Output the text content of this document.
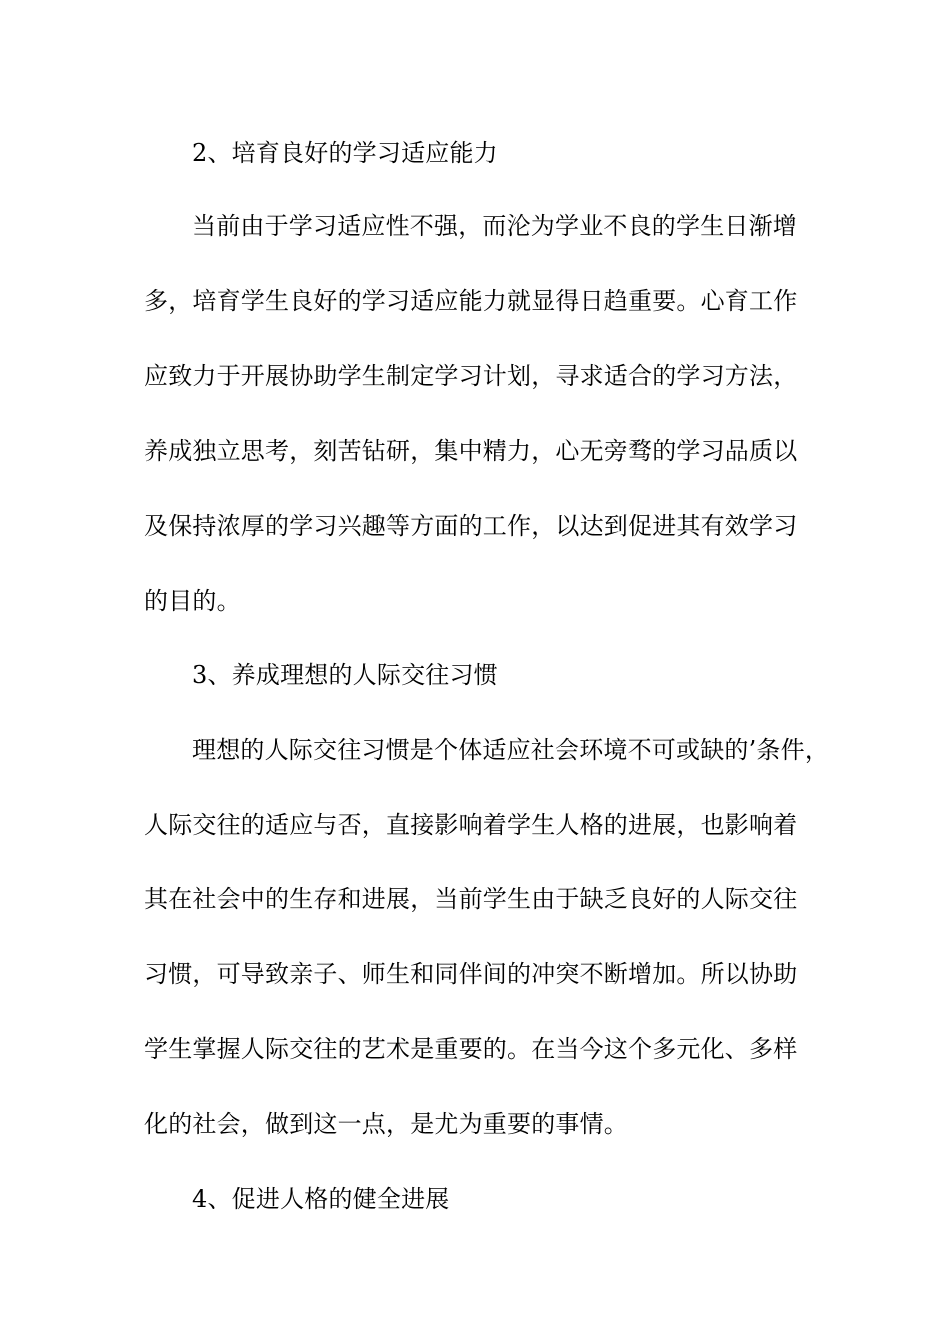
2、培育良好的学习适应能力
当前由于学习适应性不强，而沦为学业不良的学生日渐增
多，培育学生良好的学习适应能力就显得日趋重要。心育工作
应致力于开展协助学生制定学习计划，寻求适合的学习方法，
养成独立思考，刻苦钻研，集中精力，心无旁骛的学习品质以
及保持浓厚的学习兴趣等方面的工作，以达到促进其有效学习
的目的。
3、养成理想的人际交往习惯
理想的人际交往习惯是个体适应社会环境不可或缺的’条件，
人际交往的适应与否，直接影响着学生人格的进展，也影响着
其在社会中的生存和进展，当前学生由于缺乏良好的人际交往
习惯，可导致亲子、师生和同伴间的冲突不断增加。所以协助
学生掌握人际交往的艺术是重要的。在当今这个多元化、多样
化的社会，做到这一点，是尤为重要的事情。
4、促进人格的健全进展
